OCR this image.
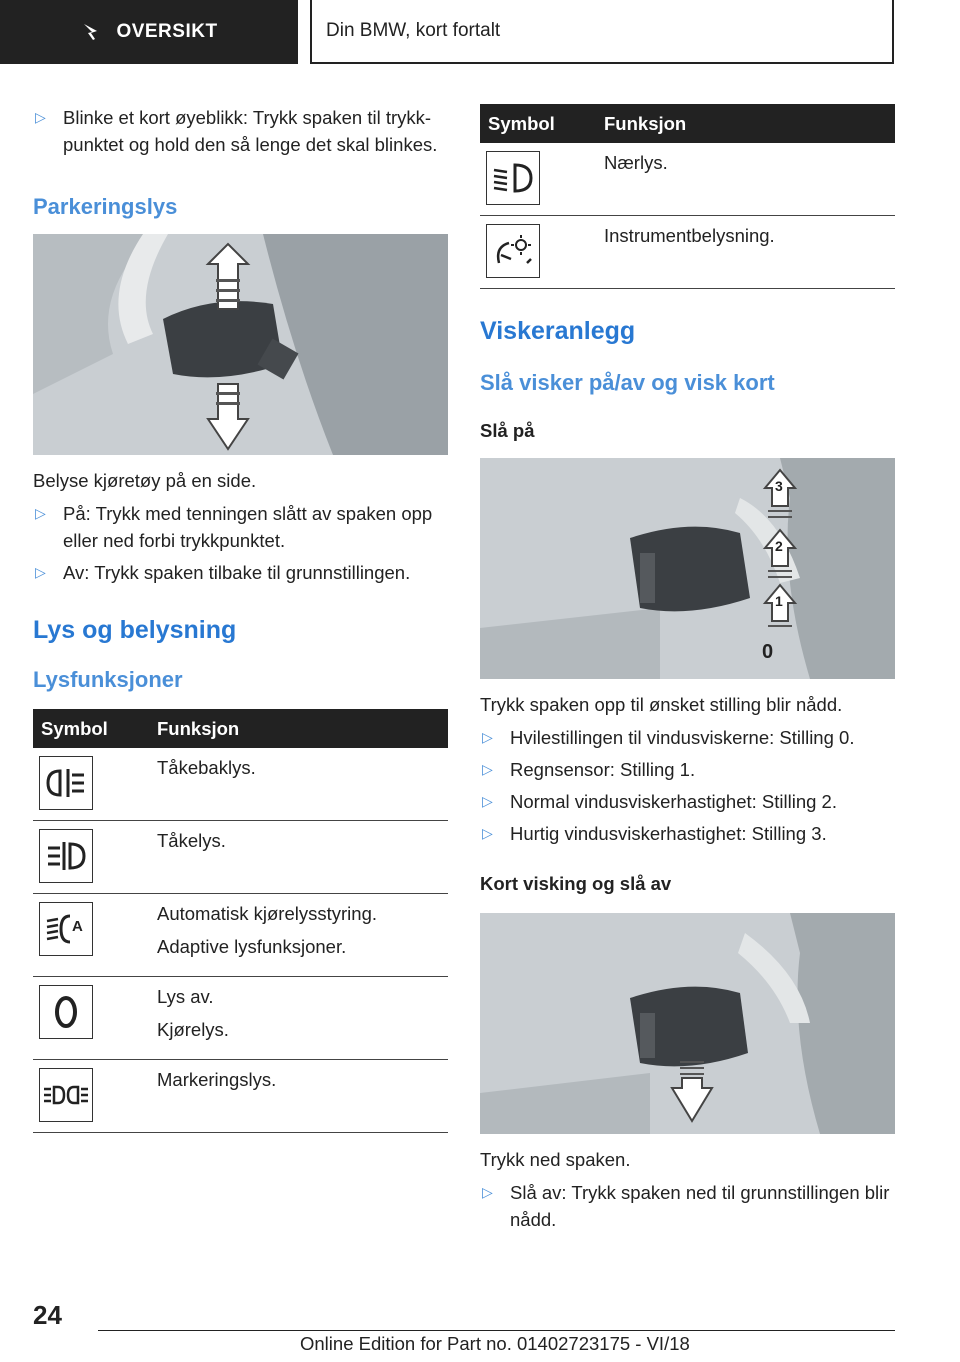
OVERSIKT	Din BMW, kort fortalt
▷ Blinke et kort øyeblikk: Trykk spaken til trykk-punktet og hold den så lenge det skal blinkes.
Parkeringslys

Belyse kjøretøy på en side.

▷ På: Trykk med tenningen slått av spaken opp eller ned forbi trykkpunktet.
▷ Av: Trykk spaken tilbake til grunnstillingen.
Lys og belysning
Lysfunksjoner
Symbol	Funksjon

Tåkebaklys.

Tåkelys.

A	Automatisk kjørelysstyring.
Adaptive lysfunksjoner.

Lys av.
Kjørelys.

Markeringslys.
Symbol	Funksjon

Nærlys.

Instrumentbelysning.
Viskeranlegg
Slå visker på/av og visk kort
Slå på
3
2
1
0

Trykk spaken opp til ønsket stilling blir nådd.

▷ Hvilestillingen til vindusviskerne: Stilling 0.
▷ Regnsensor: Stilling 1.
▷ Normal vindusviskerhastighet: Stilling 2.
▷ Hurtig vindusviskerhastighet: Stilling 3.
Kort visking og slå av

Trykk ned spaken.

▷ Slå av: Trykk spaken ned til grunnstillingen blir nådd.
24
Online Edition for Part no. 01402723175 - VI/18
